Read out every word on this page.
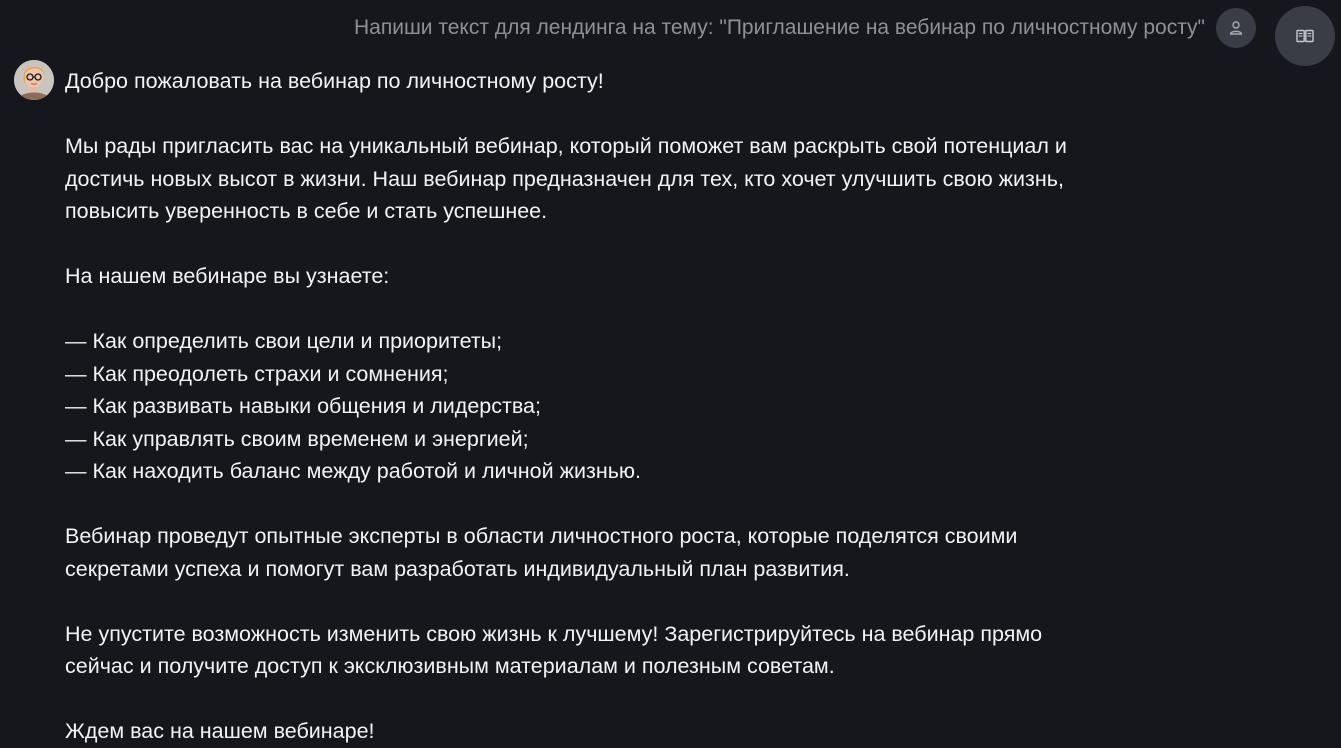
Напиши текст для лендинга на тему: "Приглашение на вебинар по личностному росту"

Добро пожаловать на вебинар по личностному росту!

Мы рады пригласить вас на уникальный вебинар, который поможет вам раскрыть свой потенциал и

достичь новых высот в жизни. Наш вебинар предназначен для тех, кто хочет улучшить свою жизнь,

повысить уверенность в себе и стать успешнее.

На нашем вебинаре вы узнаете:

— Как определить свои цели и приоритеты;

— Как преодолеть страхи и сомнения;

— Как развивать навыки общения и лидерства;

— Как управлять своим временем и энергией;

— Как находить баланс между работой и личной жизнью.

Вебинар проведут опытные эксперты в области личностного роста, которые поделятся своими

секретами успеха и помогут вам разработать индивидуальный план развития.

Не упустите возможность изменить свою жизнь к лучшему! Зарегистрируйтесь на вебинар прямо

сейчас и получите доступ к эксклюзивным материалам и полезным советам.

Ждем вас на нашем вебинаре!
